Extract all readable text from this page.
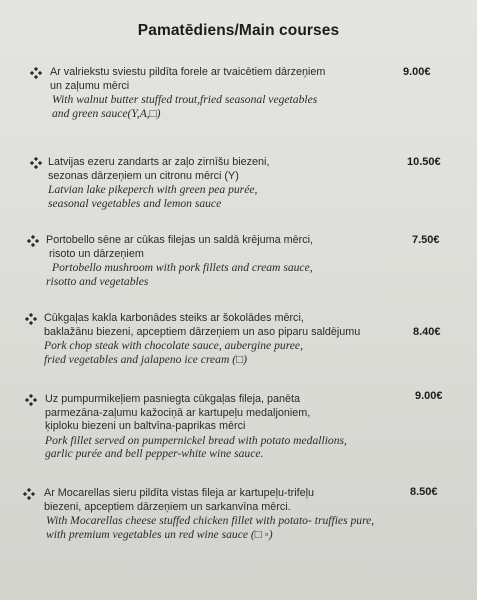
Pamatēdiens/Main courses
Ar valriekstu sviestu pildīta forele ar tvaicētiem dārzeņiem
un zaļumu mērci
With walnut butter stuffed trout,fried seasonal vegetables
and green sauce(Y,A,□)
9.00€
Latvijas ezeru zandarts ar zaļo zirnīšu biezeni,
sezonas dārzeņiem un citronu mērci (Y)
Latvian lake pikeperch with green pea purée,
seasonal vegetables and lemon sauce
10.50€
Portobello sēne ar cūkas filejas un saldā krējuma mērci,
risoto un dārzeņiem
Portobello mushroom with pork fillets and cream sauce,
risotto and vegetables
7.50€
Cūkgaļas kakla karbonādes steiks ar šokolādes mērci,
baklažānu biezeni, apceptiem dārzeņiem un aso piparu saldējumu
Pork chop steak with chocolate sauce, aubergine puree,
fried vegetables and jalapeno ice cream (□)
8.40€
Uz pumpurmikeļiem pasniegta cūkgaļas fileja, panēta
parmezāna-zaļumu kažociņā ar kartupeļu medaljoniem,
ķiploku biezeni un baltvīna-paprikas mērci
Pork fillet served on pumpernickel bread with potato medallions,
garlic purée and bell pepper-white wine sauce.
9.00€
Ar Mocarellas sieru pildīta vistas fileja ar kartupeļu-trifeļu
biezeni, apceptiem dārzeņiem un sarkanvīna mērci.
With Mocarellas cheese stuffed chicken fillet with potato- truffies pure,
with premium vegetables un red wine sauce (□ ◦)
8.50€
